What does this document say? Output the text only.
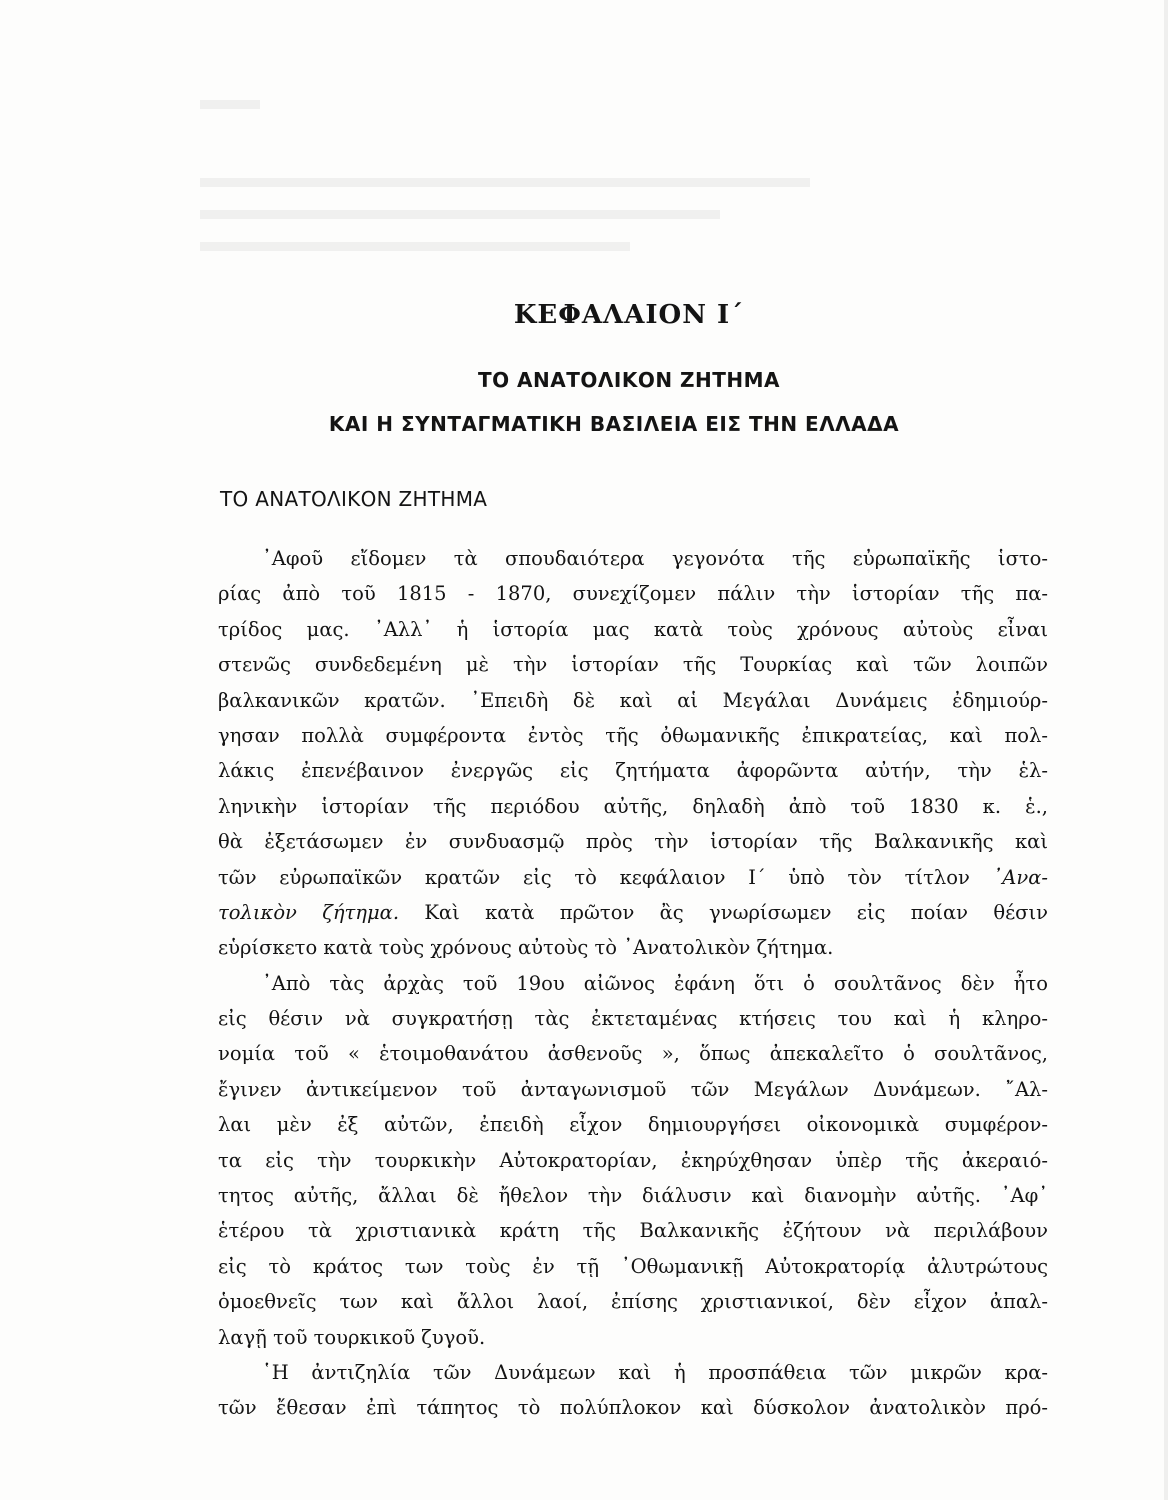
ΚΕΦΑΛΑΙΟΝ Ι΄
ΤΟ ΑΝΑΤΟΛΙΚΟΝ ΖΗΤΗΜΑ
ΚΑΙ Η ΣΥΝΤΑΓΜΑΤΙΚΗ ΒΑΣΙΛΕΙΑ ΕΙΣ ΤΗΝ ΕΛΛΑΔΑ
ΤΟ ΑΝΑΤΟΛΙΚΟΝ ΖΗΤΗΜΑ
᾿Αφοῦ εἴδομεν τὰ σπουδαιότερα γεγονότα τῆς εὐρωπαϊκῆς ἱστο-
ρίας ἀπὸ τοῦ 1815 - 1870, συνεχίζομεν πάλιν τὴν ἱστορίαν τῆς πα-
τρίδος μας. ᾿Αλλ᾿ ἡ ἱστορία μας κατὰ τοὺς χρόνους αὐτοὺς εἶναι
στενῶς συνδεδεμένη μὲ τὴν ἱστορίαν τῆς Τουρκίας καὶ τῶν λοιπῶν
βαλκανικῶν κρατῶν. ᾿Επειδὴ δὲ καὶ αἱ Μεγάλαι Δυνάμεις ἐδημιούρ-
γησαν πολλὰ συμφέροντα ἐντὸς τῆς ὀθωμανικῆς ἐπικρατείας, καὶ πολ-
λάκις ἐπενέβαινον ἐνεργῶς εἰς ζητήματα ἀφορῶντα αὐτήν, τὴν ἑλ-
ληνικὴν ἱστορίαν τῆς περιόδου αὐτῆς, δηλαδὴ ἀπὸ τοῦ 1830 κ. ἑ.,
θὰ ἐξετάσωμεν ἐν συνδυασμῷ πρὸς τὴν ἱστορίαν τῆς Βαλκανικῆς καὶ
τῶν εὐρωπαϊκῶν κρατῶν εἰς τὸ κεφάλαιον Ι΄ ὑπὸ τὸν τίτλον ᾿Ανα-
τολικὸν ζήτημα. Καὶ κατὰ πρῶτον ἂς γνωρίσωμεν εἰς ποίαν θέσιν
εὑρίσκετο κατὰ τοὺς χρόνους αὐτοὺς τὸ ᾿Ανατολικὸν ζήτημα.
᾿Απὸ τὰς ἀρχὰς τοῦ 19ου αἰῶνος ἐφάνη ὅτι ὁ σουλτᾶνος δὲν ἦτο
εἰς θέσιν νὰ συγκρατήσῃ τὰς ἐκτεταμένας κτήσεις του καὶ ἡ κληρο-
νομία τοῦ « ἑτοιμοθανάτου ἀσθενοῦς », ὅπως ἀπεκαλεῖτο ὁ σουλτᾶνος,
ἔγινεν ἀντικείμενον τοῦ ἀνταγωνισμοῦ τῶν Μεγάλων Δυνάμεων. ῎Αλ-
λαι μὲν ἐξ αὐτῶν, ἐπειδὴ εἶχον δημιουργήσει οἰκονομικὰ συμφέρον-
τα εἰς τὴν τουρκικὴν Αὐτοκρατορίαν, ἐκηρύχθησαν ὑπὲρ τῆς ἀκεραιό-
τητος αὐτῆς, ἄλλαι δὲ ἤθελον τὴν διάλυσιν καὶ διανομὴν αὐτῆς. ᾿Αφ᾿
ἑτέρου τὰ χριστιανικὰ κράτη τῆς Βαλκανικῆς ἐζήτουν νὰ περιλάβουν
εἰς τὸ κράτος των τοὺς ἐν τῇ ᾿Οθωμανικῇ Αὐτοκρατορίᾳ ἀλυτρώτους
ὁμοεθνεῖς των καὶ ἄλλοι λαοί, ἐπίσης χριστιανικοί, δὲν εἶχον ἀπαλ-
λαγῇ τοῦ τουρκικοῦ ζυγοῦ.
῾Η ἀντιζηλία τῶν Δυνάμεων καὶ ἡ προσπάθεια τῶν μικρῶν κρα-
τῶν ἔθεσαν ἐπὶ τάπητος τὸ πολύπλοκον καὶ δύσκολον ἀνατολικὸν πρό-
